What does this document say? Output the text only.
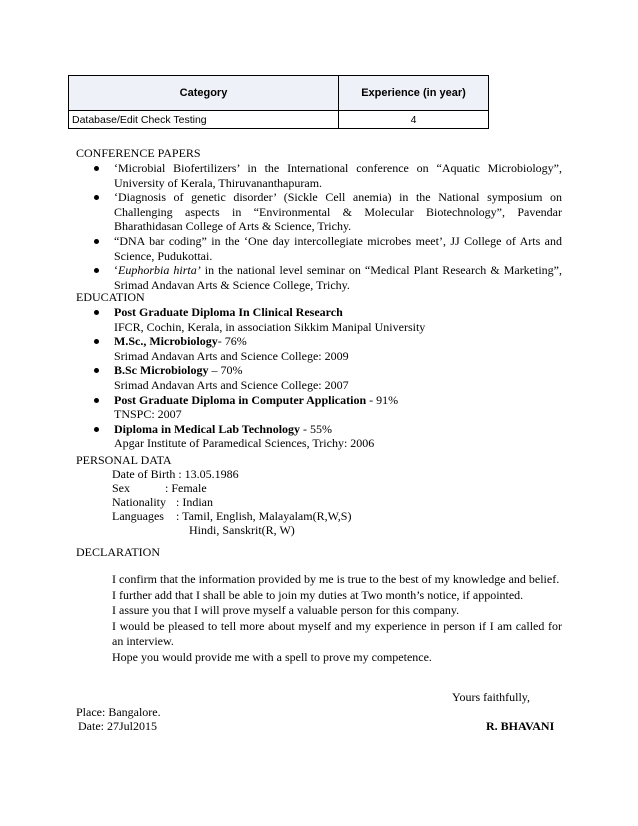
Category	Experience (in year)
Database/Edit Check Testing	4
CONFERENCE PAPERS
‘Microbial Biofertilizers’ in the International conference on “Aquatic Microbiology”, University of Kerala, Thiruvananthapuram.
‘Diagnosis of genetic disorder’ (Sickle Cell anemia) in the National symposium on Challenging aspects in “Environmental & Molecular Biotechnology”, Pavendar Bharathidasan College of Arts & Science, Trichy.
“DNA bar coding” in the ‘One day intercollegiate microbes meet’, JJ College of Arts and Science, Pudukottai.
‘Euphorbia hirta’ in the national level seminar on “Medical Plant Research & Marketing”, Srimad Andavan Arts & Science College, Trichy.
EDUCATION
Post Graduate Diploma In Clinical Research
IFCR, Cochin, Kerala, in association Sikkim Manipal University
M.Sc., Microbiology- 76%
Srimad Andavan Arts and Science College: 2009
B.Sc Microbiology – 70%
Srimad Andavan Arts and Science College: 2007
Post Graduate Diploma in Computer Application - 91%
TNSPC: 2007
Diploma in Medical Lab Technology - 55%
Apgar Institute of Paramedical Sciences, Trichy: 2006
PERSONAL DATA
Date of Birth : 13.05.1986
Sex	: Female
Nationality : Indian
Languages : Tamil, English, Malayalam(R,W,S)
Hindi, Sanskrit(R, W)
DECLARATION

I confirm that the information provided by me is true to the best of my knowledge and belief.

I further add that I shall be able to join my duties at Two month’s notice, if appointed.

I assure you that I will prove myself a valuable person for this company.

I would be pleased to tell more about myself and my experience in person if I am called for an interview.

Hope you would provide me with a spell to prove my competence.

Yours faithfully,
Place: Bangalore.
Date: 27Jul2015	R. BHAVANI
